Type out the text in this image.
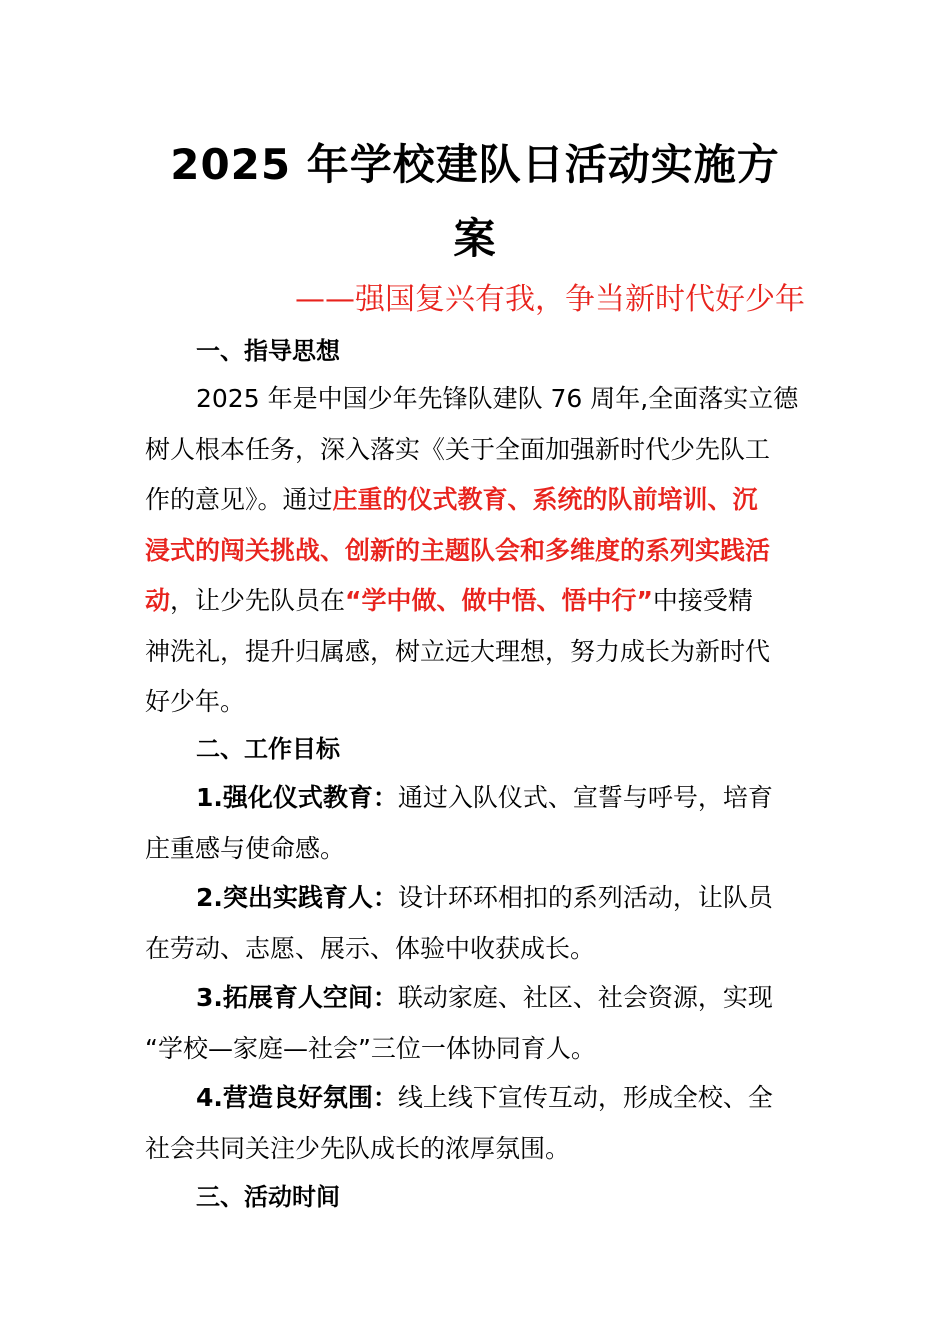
2025 年学校建队日活动实施方
案
——强国复兴有我，争当新时代好少年
一、指导思想
2025 年是中国少年先锋队建队 76 周年,全面落实立德
树人根本任务，深入落实《关于全面加强新时代少先队工
作的意见》。通过庄重的仪式教育、系统的队前培训、沉
浸式的闯关挑战、创新的主题队会和多维度的系列实践活
动，让少先队员在“学中做、做中悟、悟中行”中接受精
神洗礼，提升归属感，树立远大理想，努力成长为新时代
好少年。
二、工作目标
1.强化仪式教育：通过入队仪式、宣誓与呼号，培育
庄重感与使命感。
2.突出实践育人：设计环环相扣的系列活动，让队员
在劳动、志愿、展示、体验中收获成长。
3.拓展育人空间：联动家庭、社区、社会资源，实现
“学校—家庭—社会”三位一体协同育人。
4.营造良好氛围：线上线下宣传互动，形成全校、全
社会共同关注少先队成长的浓厚氛围。
三、活动时间
